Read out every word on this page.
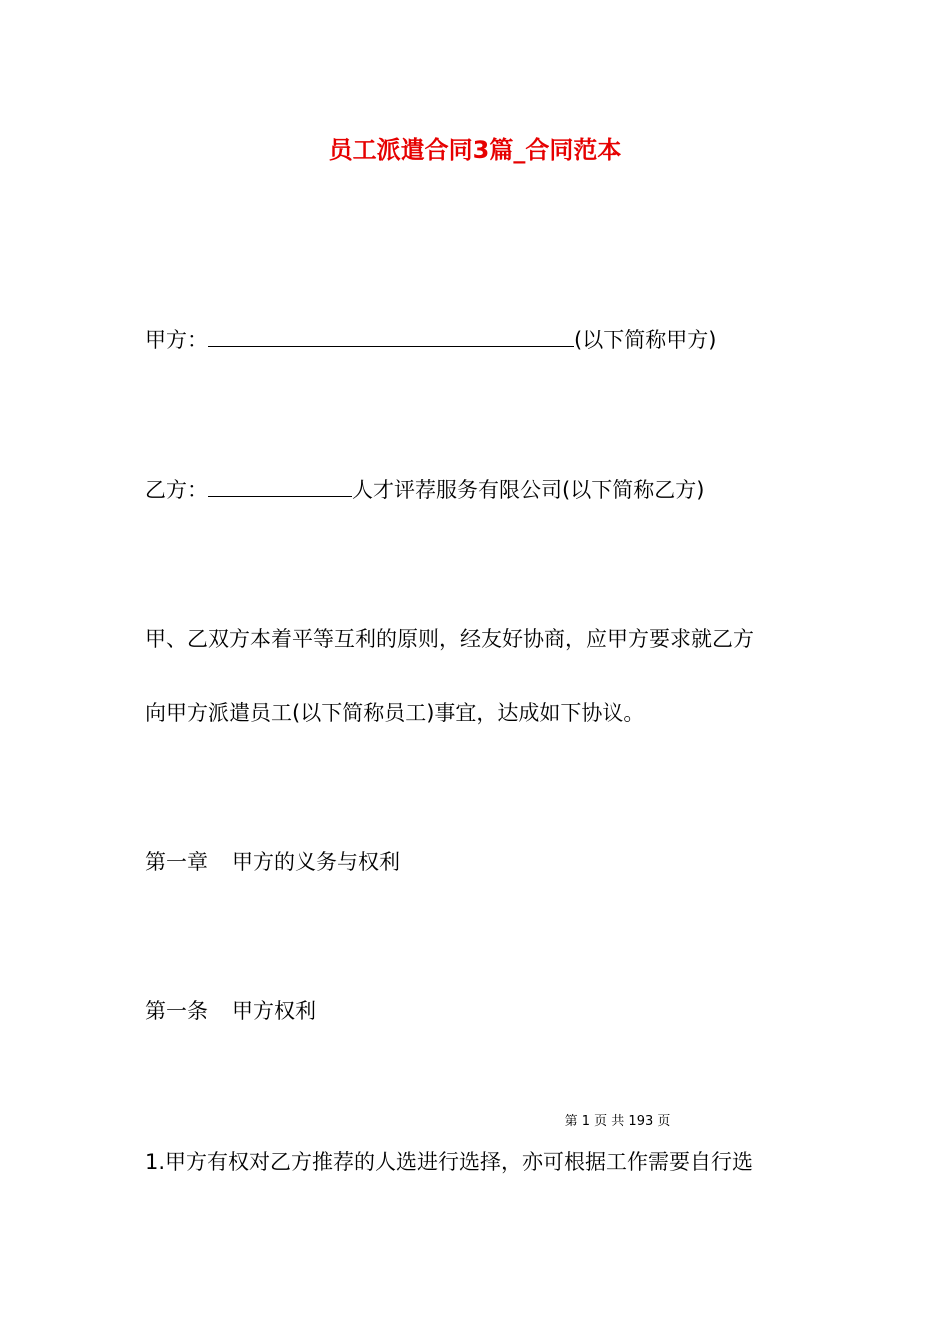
员工派遣合同3篇_合同范本
甲方：	(以下简称甲方)
乙方：	人才评荐服务有限公司(以下简称乙方)
甲、乙双方本着平等互利的原则，经友好协商，应甲方要求就乙方
向甲方派遣员工(以下简称员工)事宜，达成如下协议。
第一章 甲方的义务与权利
第一条 甲方权利
第 1 页 共 193 页
1.甲方有权对乙方推荐的人选进行选择，亦可根据工作需要自行选
